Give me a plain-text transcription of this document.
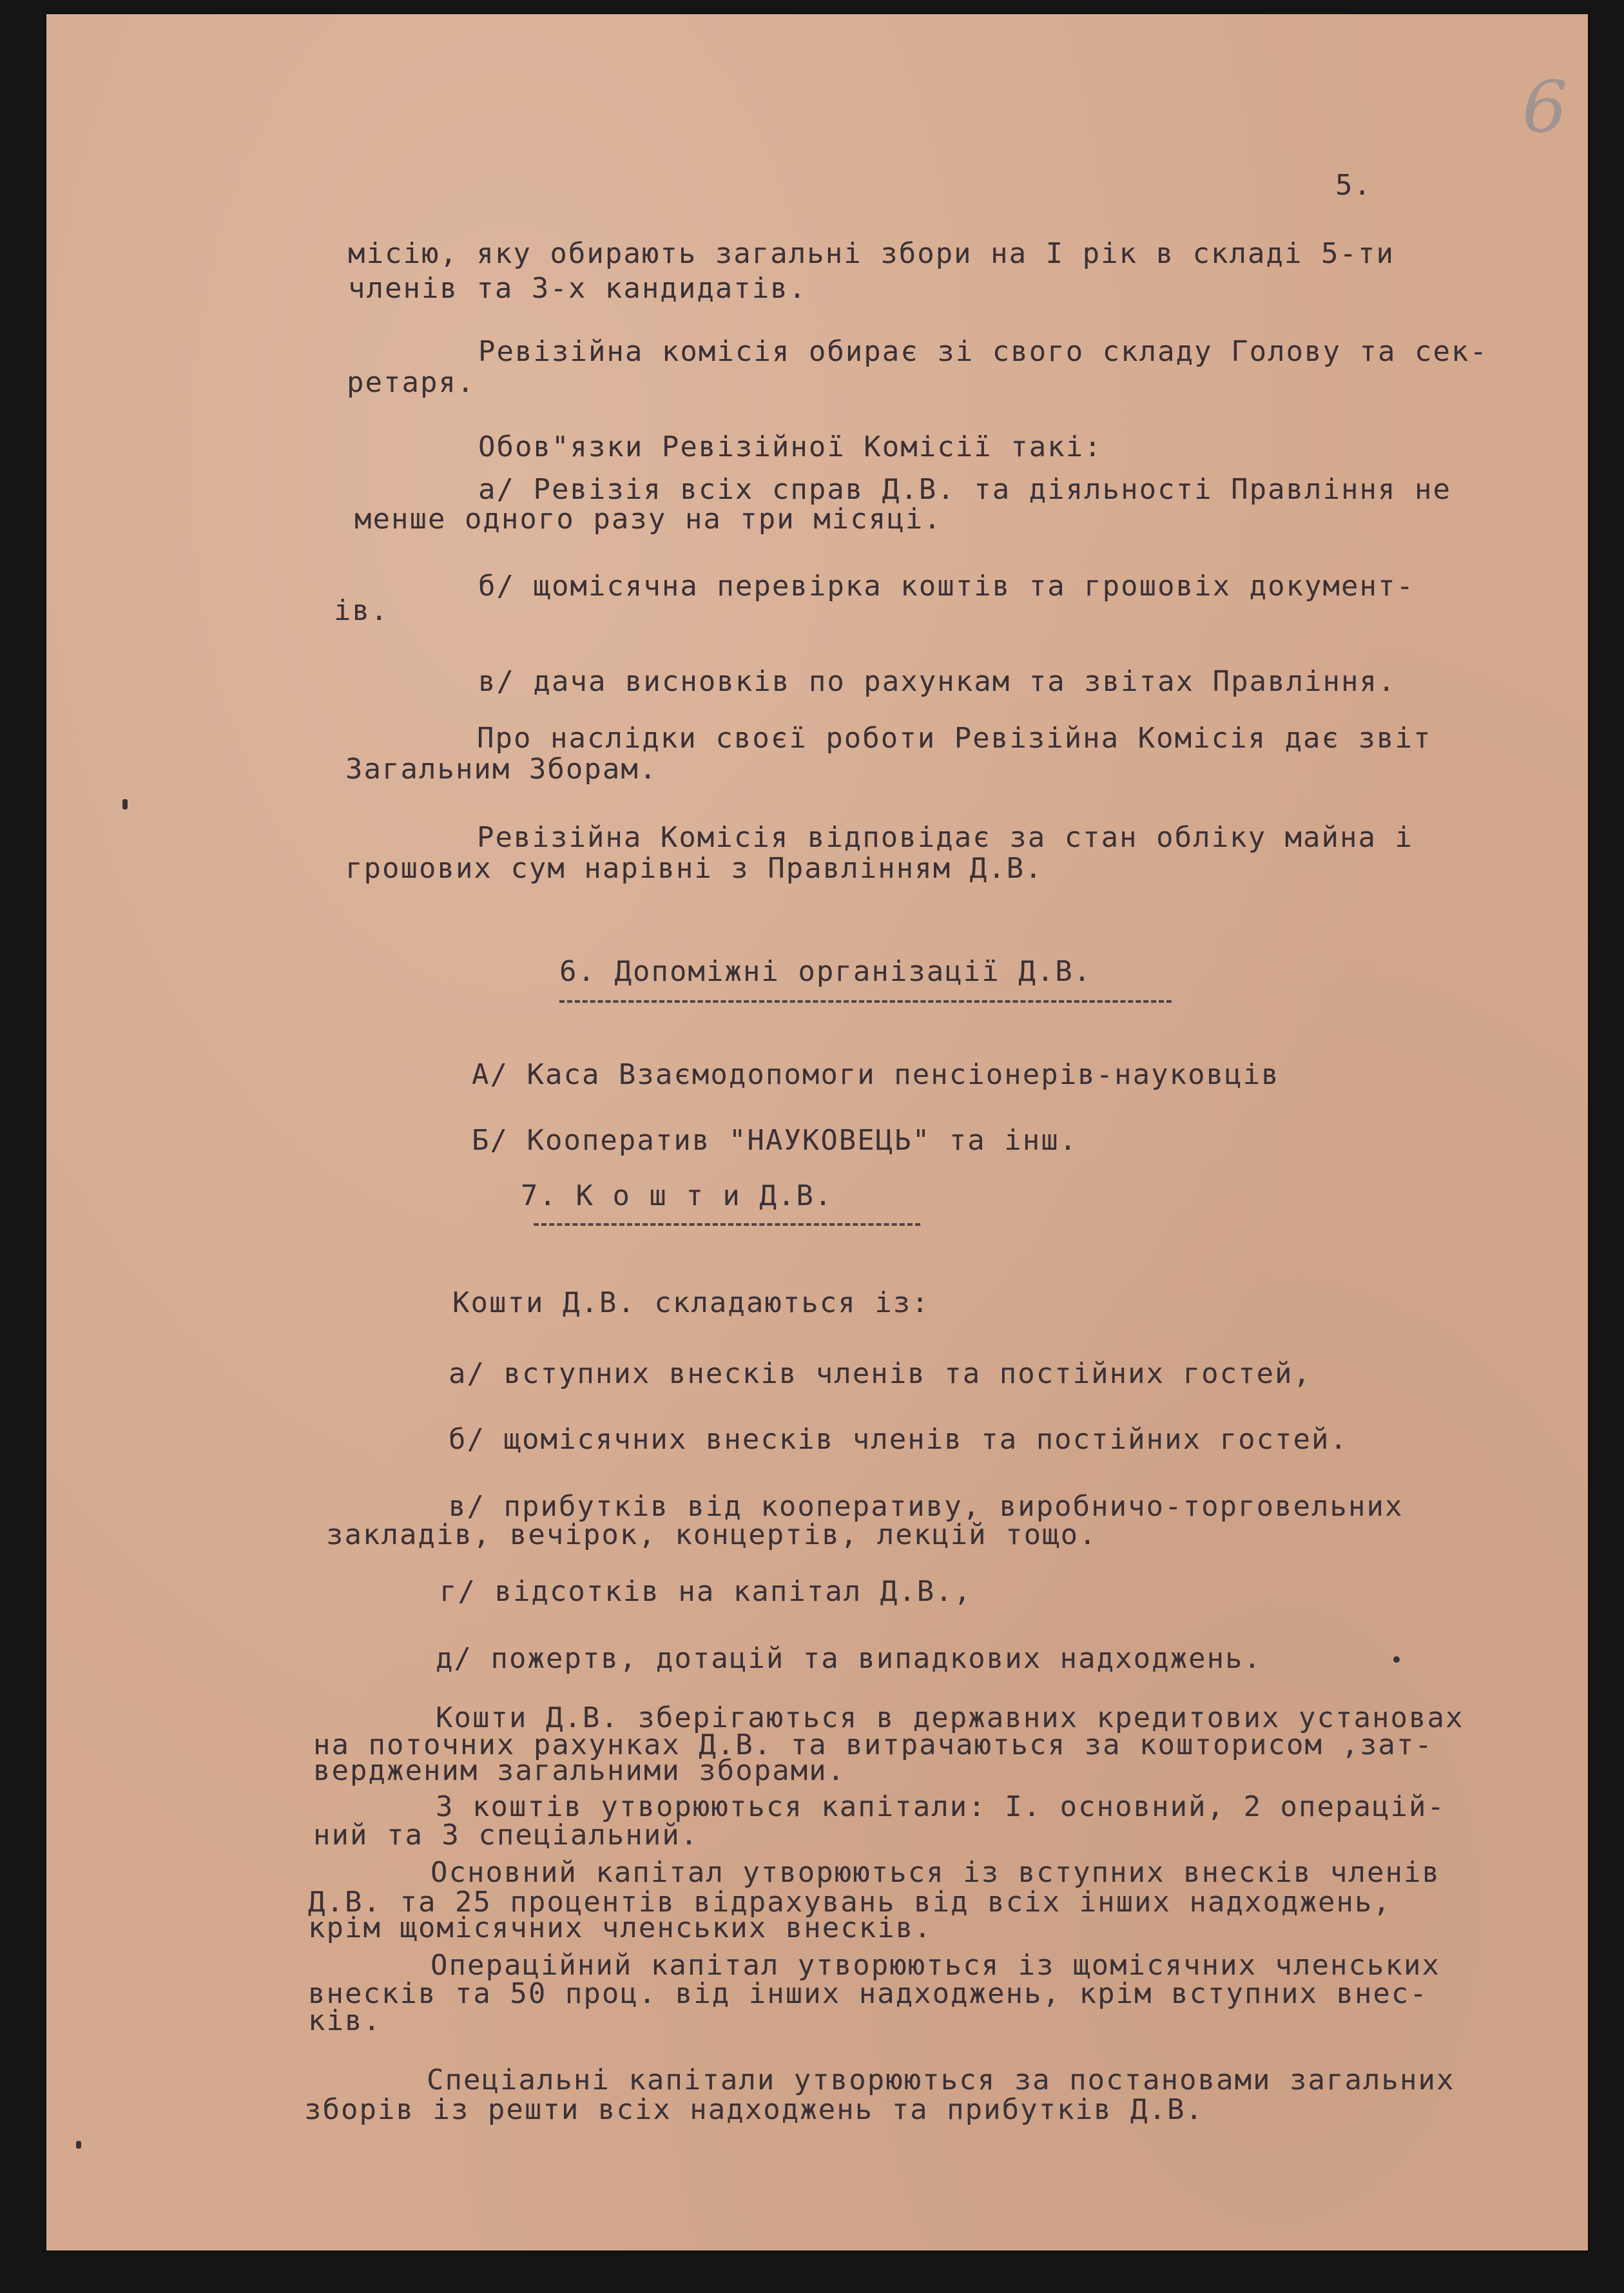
6
5.
місію, яку обирають загальні збори на І рік в складі 5-ти
членів та 3-х кандидатів.
Ревізійна комісія обирає зі свого складу Голову та сек-
ретаря.
Обов"язки Ревізійної Комісії такі:
а/ Ревізія всіх справ Д.В. та діяльності Правління не
менше одного разу на три місяці.
б/ щомісячна перевірка коштів та грошовіх документ-
ів.
в/ дача висновків по рахункам та звітах Правління.
Про наслідки своєї роботи Ревізійна Комісія дає звіт
Загальним Зборам.
Ревізійна Комісія відповідає за стан обліку майна і
грошових сум нарівні з Правлінням Д.В.
6. Допоміжні організації Д.В.
А/ Каса Взаємодопомоги пенсіонерів-науковців
Б/ Кооператив "НАУКОВЕЦЬ" та інш.
7. К о ш т и Д.В.
Кошти Д.В. складаються із:
а/ вступних внесків членів та постійних гостей,
б/ щомісячних внесків членів та постійних гостей.
в/ прибутків від кооперативу, виробничо-торговельних
закладів, вечірок, концертів, лекцій тощо.
г/ відсотків на капітал Д.В.,
д/ пожертв, дотацій та випадкових надходжень.
Кошти Д.В. зберігаються в державних кредитових установах
на поточних рахунках Д.В. та витрачаються за кошторисом ,зат-
вердженим загальними зборами.
З коштів утворюються капітали: І. основний, 2 операцій-
ний та 3 спеціальний.
Основний капітал утворюються із вступних внесків членів
Д.В. та 25 процентів відрахувань від всіх інших надходжень,
крім щомісячних членських внесків.
Операційний капітал утворюються із щомісячних членських
внесків та 50 проц. від інших надходжень, крім вступних внес-
ків.
Спеціальні капітали утворюються за постановами загальних
зборів із решти всіх надходжень та прибутків Д.В.
